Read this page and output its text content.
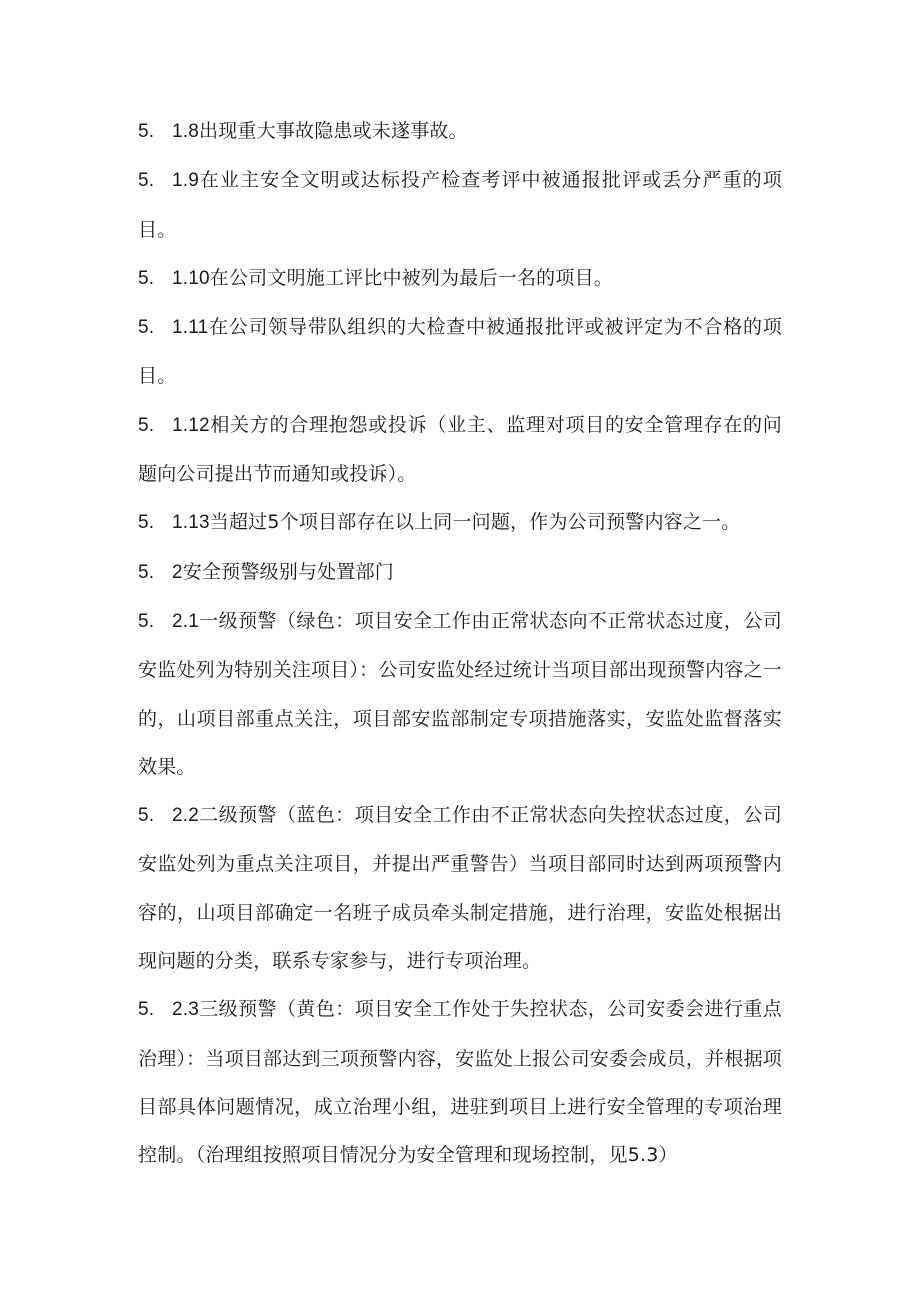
5. 1.8出现重大事故隐患或未遂事故。

5. 1.9在业主安全文明或达标投产检查考评中被通报批评或丢分严重的项目。

5. 1.10在公司文明施工评比中被列为最后一名的项目。

5. 1.11在公司领导带队组织的大检查中被通报批评或被评定为不合格的项目。

5. 1.12相关方的合理抱怨或投诉（业主、监理对项目的安全管理存在的问题向公司提出节而通知或投诉）。

5. 1.13当超过5个项目部存在以上同一问题，作为公司预警内容之一。

5. 2安全预警级别与处置部门

5. 2.1一级预警（绿色：项目安全工作由正常状态向不正常状态过度，公司安监处列为特别关注项目）：公司安监处经过统计当项目部出现预警内容之一的，山项目部重点关注，项目部安监部制定专项措施落实，安监处监督落实效果。

5. 2.2二级预警（蓝色：项目安全工作由不正常状态向失控状态过度，公司安监处列为重点关注项目，并提出严重警告）当项目部同时达到两项预警内容的，山项目部确定一名班子成员牵头制定措施，进行治理，安监处根据出现问题的分类，联系专家参与，进行专项治理。

5. 2.3三级预警（黄色：项目安全工作处于失控状态，公司安委会进行重点治理）：当项目部达到三项预警内容，安监处上报公司安委会成员，并根据项目部具体问题情况，成立治理小组，进驻到项目上进行安全管理的专项治理控制。（治理组按照项目情况分为安全管理和现场控制，见5.3）
